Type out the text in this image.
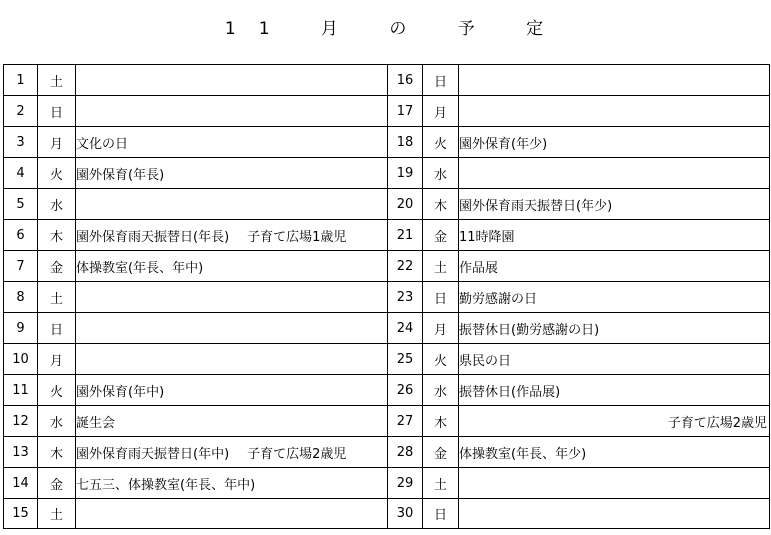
11 月 の 予 定
1	土		16	日	
2	日		17	月	
3	月	文化の日	18	火	園外保育(年少)
4	火	園外保育(年長)	19	水	
5	水		20	木	園外保育雨天振替日(年少)
6	木	園外保育雨天振替日(年長) 子育て広場1歳児	21	金	11時降園
7	金	体操教室(年長、年中)	22	土	作品展
8	土		23	日	勤労感謝の日
9	日		24	月	振替休日(勤労感謝の日)
10	月		25	火	県民の日
11	火	園外保育(年中)	26	水	振替休日(作品展)
12	水	誕生会	27	木	子育て広場2歳児
13	木	園外保育雨天振替日(年中) 子育て広場2歳児	28	金	体操教室(年長、年少)
14	金	七五三、体操教室(年長、年中)	29	土	
15	土		30	日	
